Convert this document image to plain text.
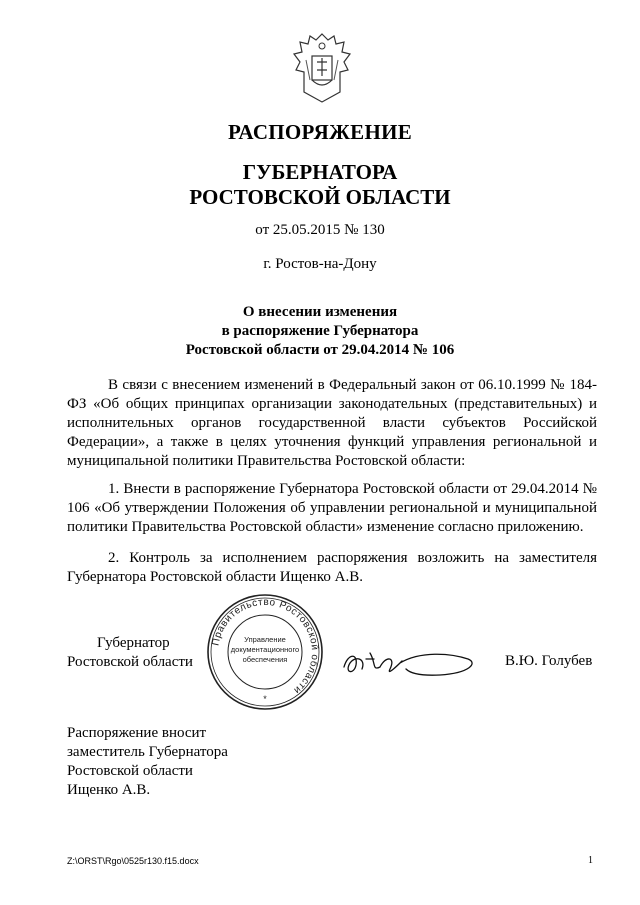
РАСПОРЯЖЕНИЕ
ГУБЕРНАТОРА
РОСТОВСКОЙ ОБЛАСТИ
от 25.05.2015 № 130
г. Ростов-на-Дону
О внесении изменения
в распоряжение Губернатора
Ростовской области от 29.04.2014 № 106
В связи с внесением изменений в Федеральный закон от 06.10.1999 № 184-ФЗ «Об общих принципах организации законодательных (представительных) и исполнительных органов государственной власти субъектов Российской Федерации», а также в целях уточнения функций управления региональной и муниципальной политики Правительства Ростовской области:
1. Внести в распоряжение Губернатора Ростовской области от 29.04.2014 № 106 «Об утверждении Положения об управлении региональной и муниципальной политики Правительства Ростовской области» изменение согласно приложению.
2. Контроль за исполнением распоряжения возложить на заместителя Губернатора Ростовской области Ищенко А.В.
Губернатор
Ростовской области
Правительство Ростовской области
Управление
документационного
обеспечения
*
В.Ю. Голубев
Распоряжение вносит
заместитель Губернатора
Ростовской области
Ищенко А.В.
Z:\ORST\Rgo\0525r130.f15.docx	1
